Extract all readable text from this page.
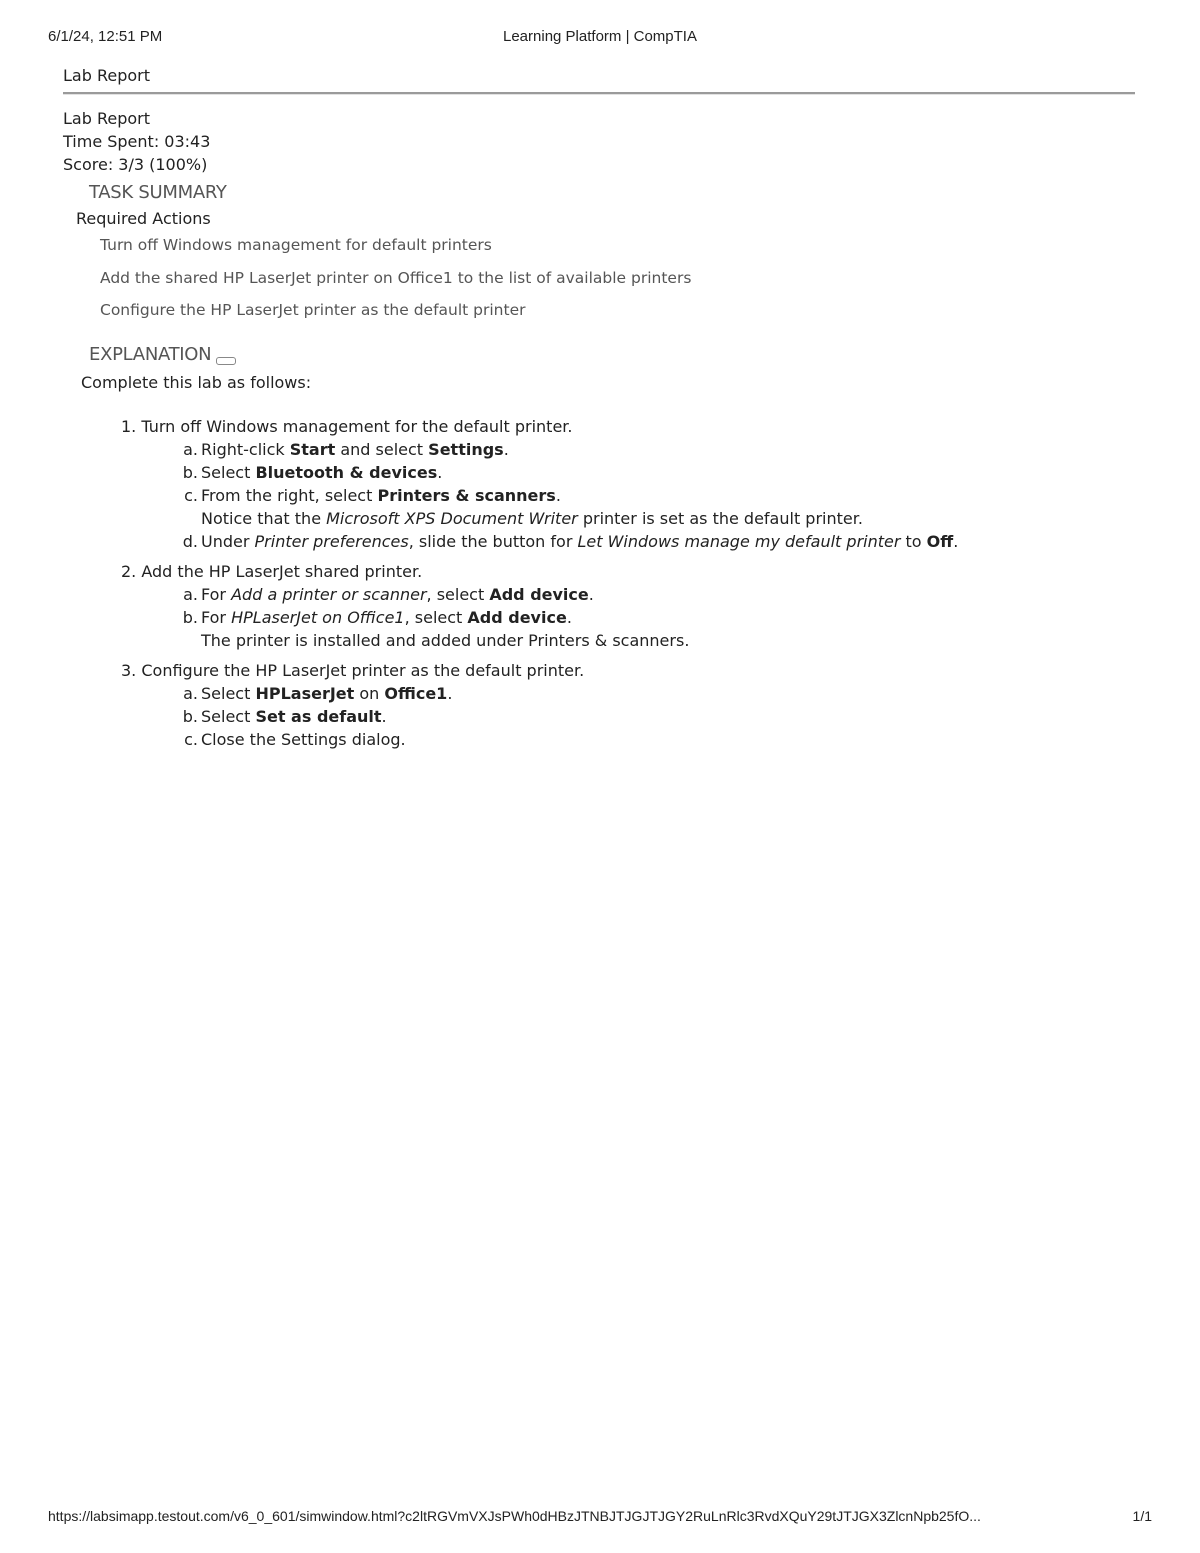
6/1/24, 12:51 PM	Learning Platform | CompTIA
Lab Report
Lab Report
Time Spent: 03:43
Score: 3/3 (100%)
TASK SUMMARY
Required Actions
Turn off Windows management for default printers
Add the shared HP LaserJet printer on Office1 to the list of available printers
Configure the HP LaserJet printer as the default printer
EXPLANATION
Complete this lab as follows:
1. Turn off Windows management for the default printer.
a. Right-click Start and select Settings.
b. Select Bluetooth & devices.
c. From the right, select Printers & scanners.
Notice that the Microsoft XPS Document Writer printer is set as the default printer.
d. Under Printer preferences, slide the button for Let Windows manage my default printer to Off.
2. Add the HP LaserJet shared printer.
a. For Add a printer or scanner, select Add device.
b. For HPLaserJet on Office1, select Add device.
The printer is installed and added under Printers & scanners.
3. Configure the HP LaserJet printer as the default printer.
a. Select HPLaserJet on Office1.
b. Select Set as default.
c. Close the Settings dialog.
https://labsimapp.testout.com/v6_0_601/simwindow.html?c2ltRGVmVXJsPWh0dHBzJTNBJTJGJTJGY2RuLnRlc3RvdXQuY29tJTJGX3ZlcnNpb25fO...	1/1
